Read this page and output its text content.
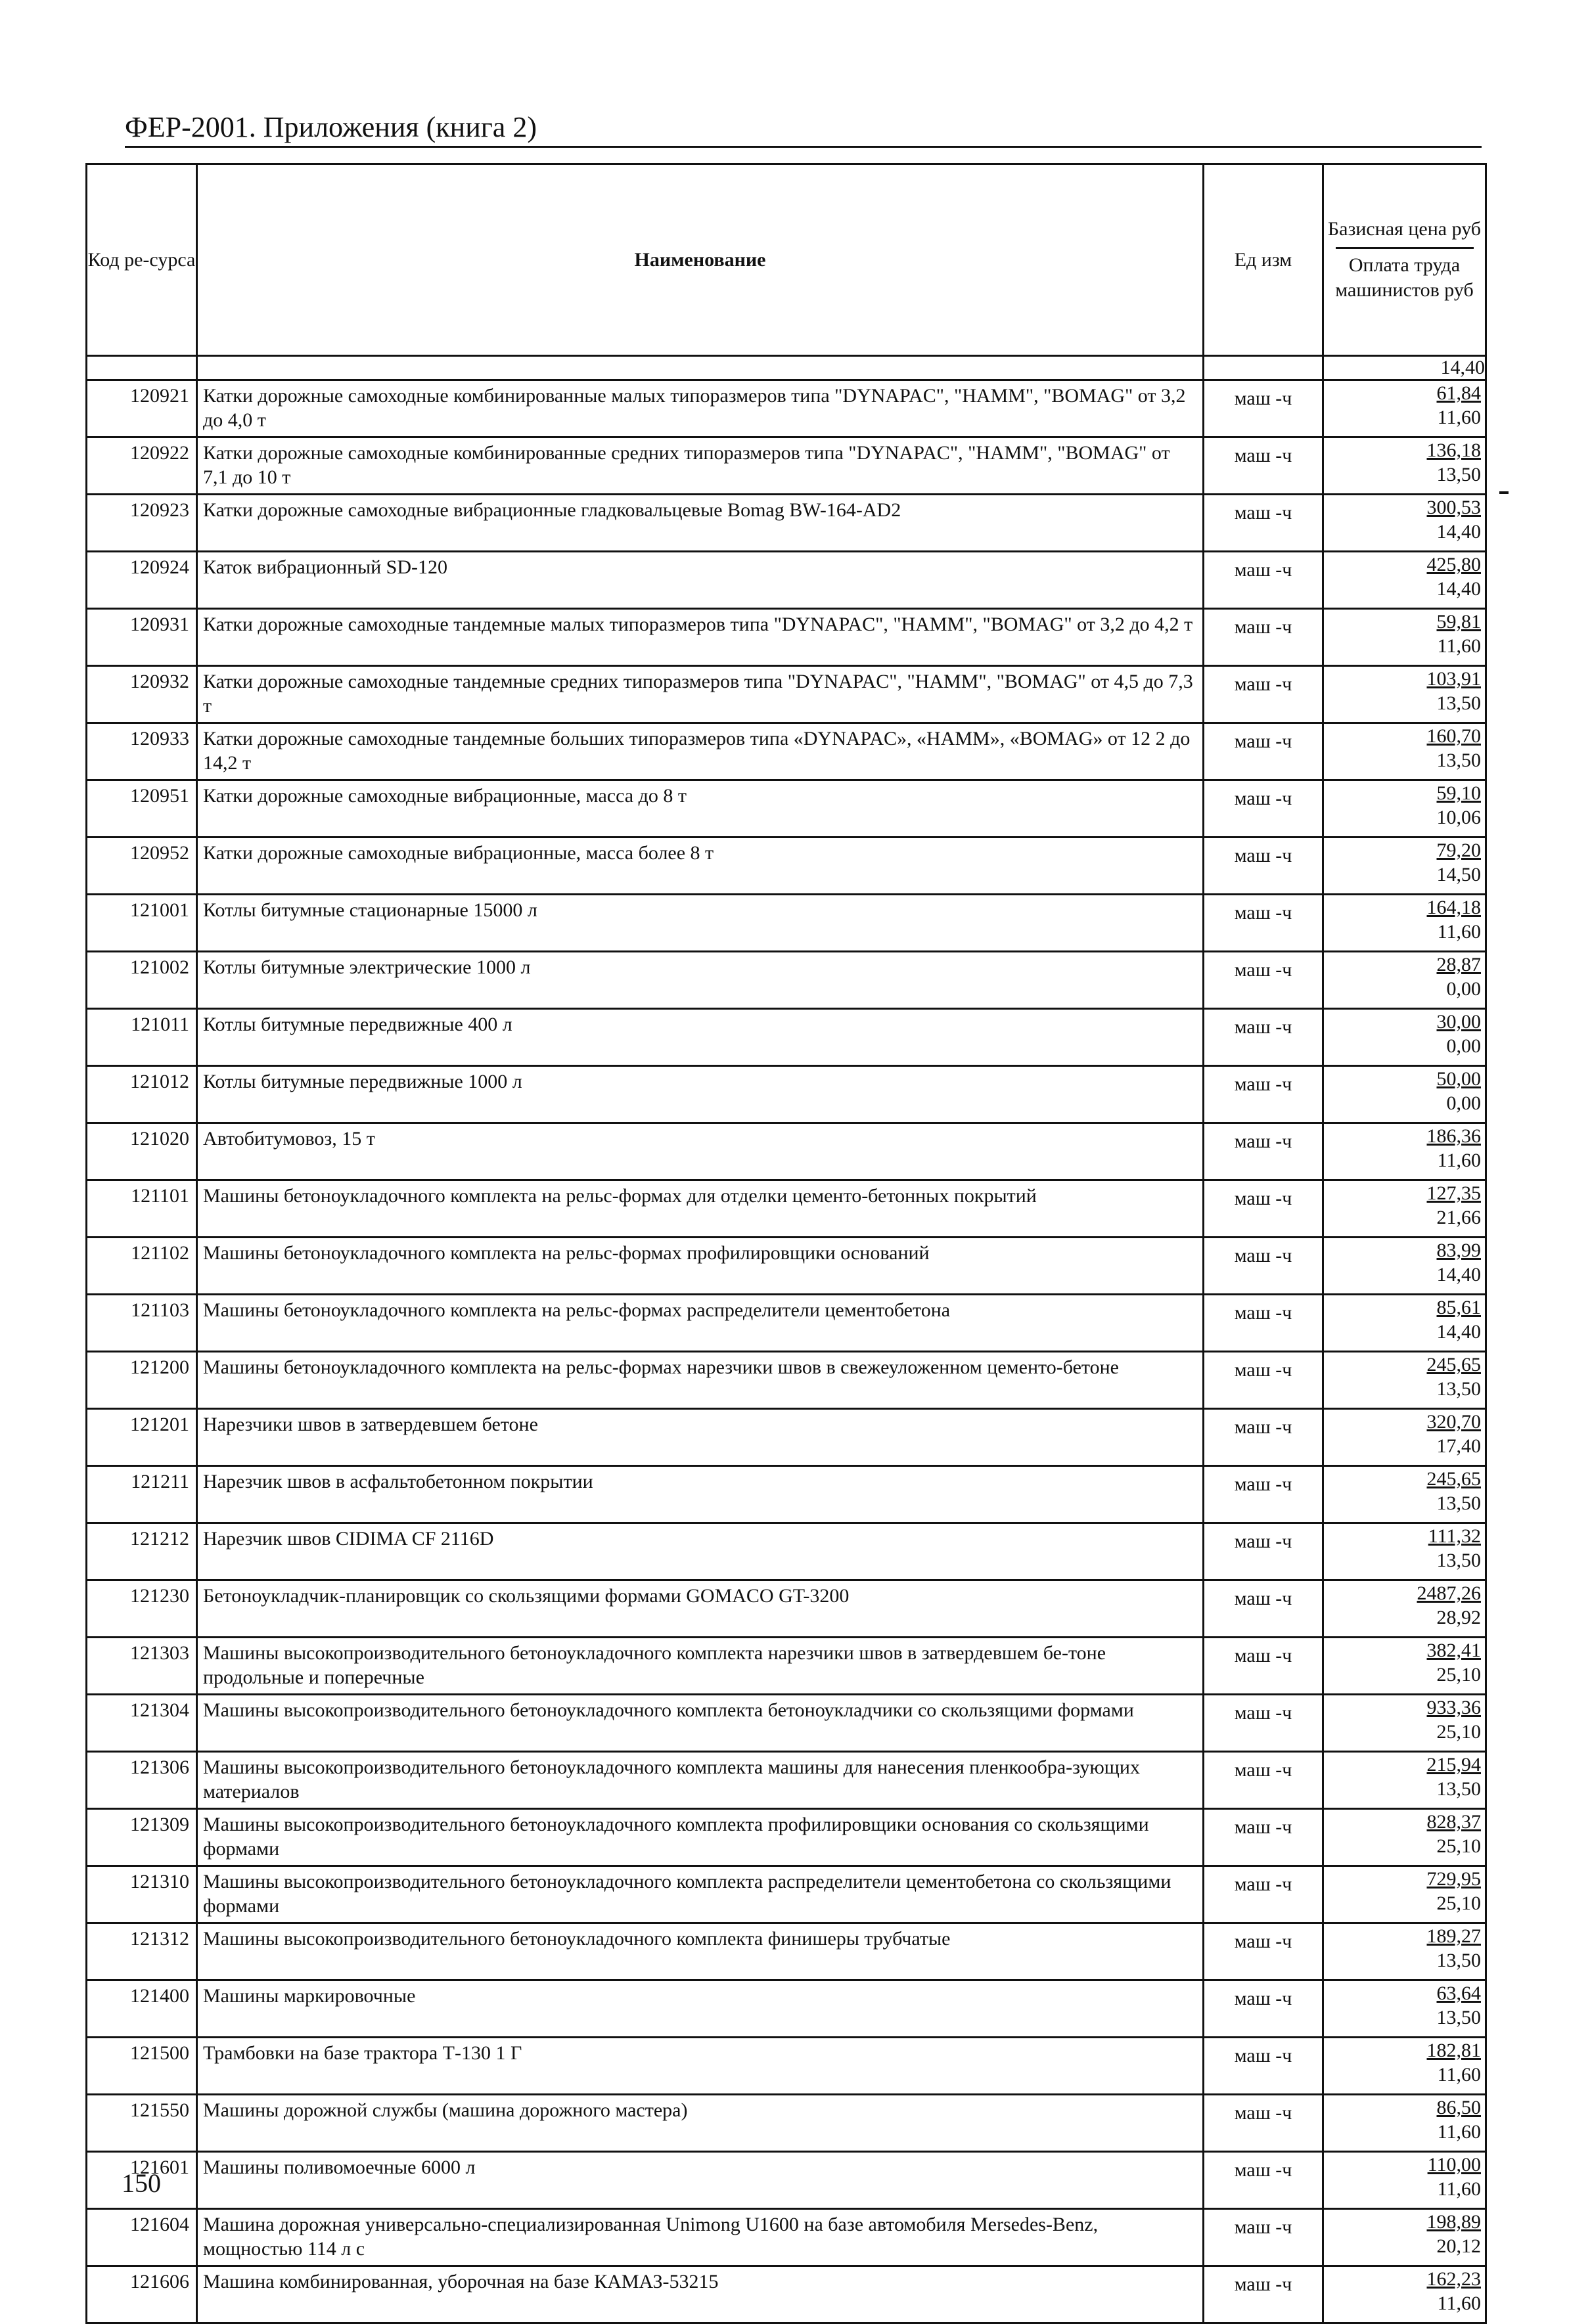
ФЕР-2001. Приложения (книга 2)
Код ре-сурса	Наименование	Ед изм	Базисная цена руб
Оплата труда машинистов руб

			14,40
120921	Катки дорожные самоходные комбинированные малых типоразмеров типа "DYNAPAC", "HAMM", "BOMAG" от 3,2 до 4,0 т	маш -ч	61,84
11,60

120922	Катки дорожные самоходные комбинированные средних типоразмеров типа "DYNAPAC", "HAMM", "BOMAG" от 7,1 до 10 т	маш -ч	136,18
13,50

120923	Катки дорожные самоходные вибрационные гладковальцевые Bomag BW-164-AD2	маш -ч	300,53
14,40

120924	Каток вибрационный SD-120	маш -ч	425,80
14,40

120931	Катки дорожные самоходные тандемные малых типоразмеров типа "DYNAPAC", "HAMM", "BOMAG" от 3,2 до 4,2 т	маш -ч	59,81
11,60

120932	Катки дорожные самоходные тандемные средних типоразмеров типа "DYNAPAC", "HAMM", "BOMAG" от 4,5 до 7,3 т	маш -ч	103,91
13,50

120933	Катки дорожные самоходные тандемные больших типоразмеров типа «DYNAPAC», «HAMM», «BOMAG» от 12 2 до 14,2 т	маш -ч	160,70
13,50

120951	Катки дорожные самоходные вибрационные, масса до 8 т	маш -ч	59,10
10,06

120952	Катки дорожные самоходные вибрационные, масса более 8 т	маш -ч	79,20
14,50

121001	Котлы битумные стационарные 15000 л	маш -ч	164,18
11,60

121002	Котлы битумные электрические 1000 л	маш -ч	28,87
0,00

121011	Котлы битумные передвижные 400 л	маш -ч	30,00
0,00

121012	Котлы битумные передвижные 1000 л	маш -ч	50,00
0,00

121020	Автобитумовоз, 15 т	маш -ч	186,36
11,60

121101	Машины бетоноукладочного комплекта на рельс-формах для отделки цементо-бетонных покрытий	маш -ч	127,35
21,66

121102	Машины бетоноукладочного комплекта на рельс-формах профилировщики оснований	маш -ч	83,99
14,40

121103	Машины бетоноукладочного комплекта на рельс-формах распределители цементобетона	маш -ч	85,61
14,40

121200	Машины бетоноукладочного комплекта на рельс-формах нарезчики швов в свежеуложенном цементо-бетоне	маш -ч	245,65
13,50

121201	Нарезчики швов в затвердевшем бетоне	маш -ч	320,70
17,40

121211	Нарезчик швов в асфальтобетонном покрытии	маш -ч	245,65
13,50

121212	Нарезчик швов CIDIMA CF 2116D	маш -ч	111,32
13,50

121230	Бетоноукладчик-планировщик со скользящими формами GOMACO GT-3200	маш -ч	2487,26
28,92

121303	Машины высокопроизводительного бетоноукладочного комплекта нарезчики швов в затвердевшем бе-тоне продольные и поперечные	маш -ч	382,41
25,10

121304	Машины высокопроизводительного бетоноукладочного комплекта бетоноукладчики со скользящими формами	маш -ч	933,36
25,10

121306	Машины высокопроизводительного бетоноукладочного комплекта машины для нанесения пленкообра-зующих материалов	маш -ч	215,94
13,50

121309	Машины высокопроизводительного бетоноукладочного комплекта профилировщики основания со скользящими формами	маш -ч	828,37
25,10

121310	Машины высокопроизводительного бетоноукладочного комплекта распределители цементобетона со скользящими формами	маш -ч	729,95
25,10

121312	Машины высокопроизводительного бетоноукладочного комплекта финишеры трубчатые	маш -ч	189,27
13,50

121400	Машины маркировочные	маш -ч	63,64
13,50

121500	Трамбовки на базе трактора Т-130 1 Г	маш -ч	182,81
11,60

121550	Машины дорожной службы (машина дорожного мастера)	маш -ч	86,50
11,60

121601	Машины поливомоечные 6000 л	маш -ч	110,00
11,60

121604	Машина дорожная универсально-специализированная Unimong U1600 на базе автомобиля Mersedes-Benz, мощностью 114 л с	маш -ч	198,89
20,12

121606	Машина комбинированная, уборочная на базе КАМАЗ-53215	маш -ч	162,23
11,60
150
